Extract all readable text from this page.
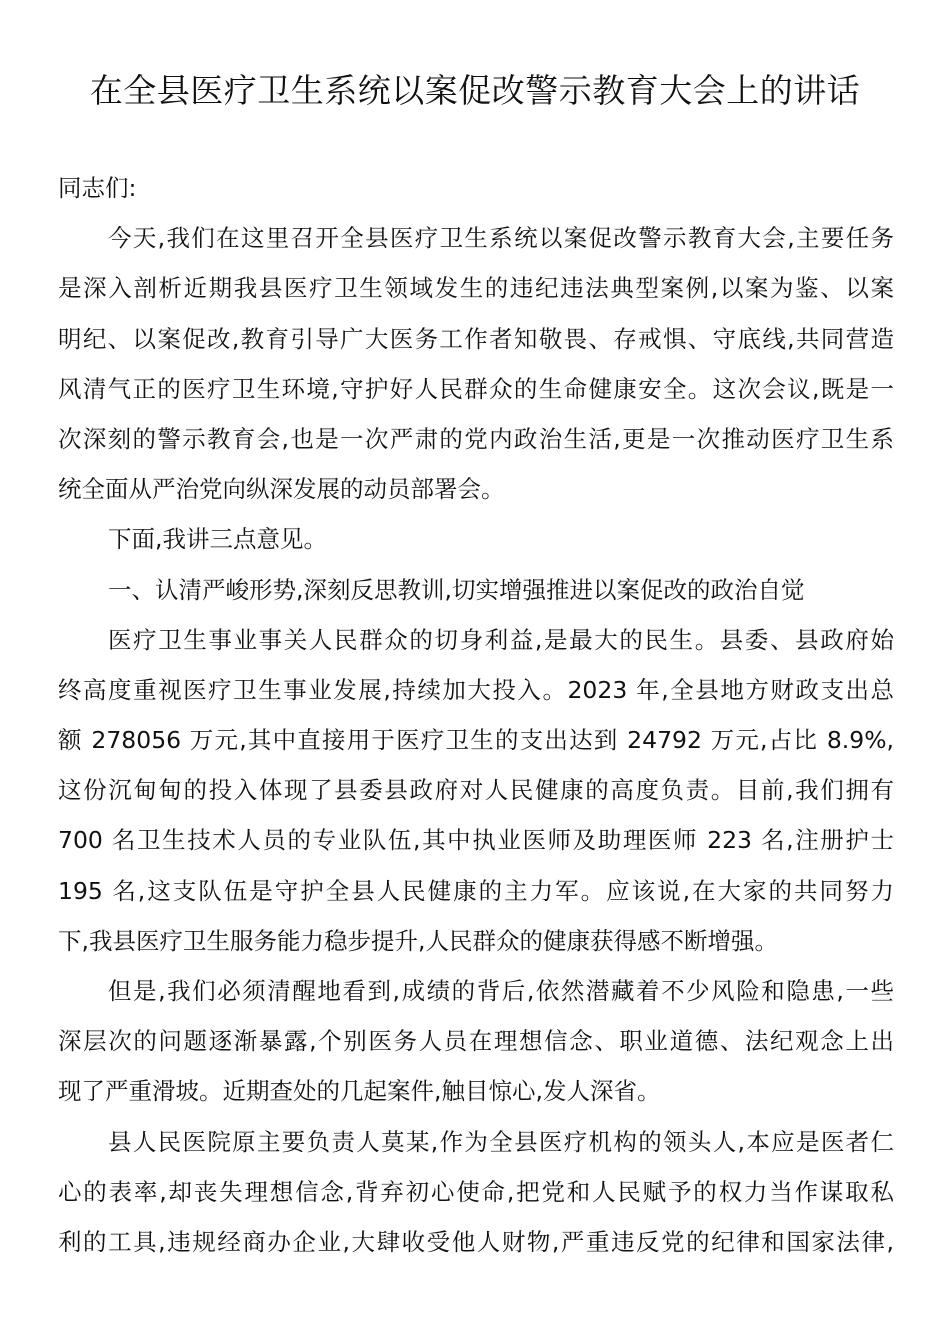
在全县医疗卫生系统以案促改警示教育大会上的讲话
同志们:
今天,我们在这里召开全县医疗卫生系统以案促改警示教育大会,主要任务
是深入剖析近期我县医疗卫生领域发生的违纪违法典型案例,以案为鉴、以案
明纪、以案促改,教育引导广大医务工作者知敬畏、存戒惧、守底线,共同营造
风清气正的医疗卫生环境,守护好人民群众的生命健康安全。这次会议,既是一
次深刻的警示教育会,也是一次严肃的党内政治生活,更是一次推动医疗卫生系
统全面从严治党向纵深发展的动员部署会。
下面,我讲三点意见。
一、认清严峻形势,深刻反思教训,切实增强推进以案促改的政治自觉
医疗卫生事业事关人民群众的切身利益,是最大的民生。县委、县政府始
终高度重视医疗卫生事业发展,持续加大投入。2023 年,全县地方财政支出总
额 278056 万元,其中直接用于医疗卫生的支出达到 24792 万元,占比 8.9%,
这份沉甸甸的投入体现了县委县政府对人民健康的高度负责。目前,我们拥有
700 名卫生技术人员的专业队伍,其中执业医师及助理医师 223 名,注册护士
195 名,这支队伍是守护全县人民健康的主力军。应该说,在大家的共同努力
下,我县医疗卫生服务能力稳步提升,人民群众的健康获得感不断增强。
但是,我们必须清醒地看到,成绩的背后,依然潜藏着不少风险和隐患,一些
深层次的问题逐渐暴露,个别医务人员在理想信念、职业道德、法纪观念上出
现了严重滑坡。近期查处的几起案件,触目惊心,发人深省。
县人民医院原主要负责人莫某,作为全县医疗机构的领头人,本应是医者仁
心的表率,却丧失理想信念,背弃初心使命,把党和人民赋予的权力当作谋取私
利的工具,违规经商办企业,大肆收受他人财物,严重违反党的纪律和国家法律,
